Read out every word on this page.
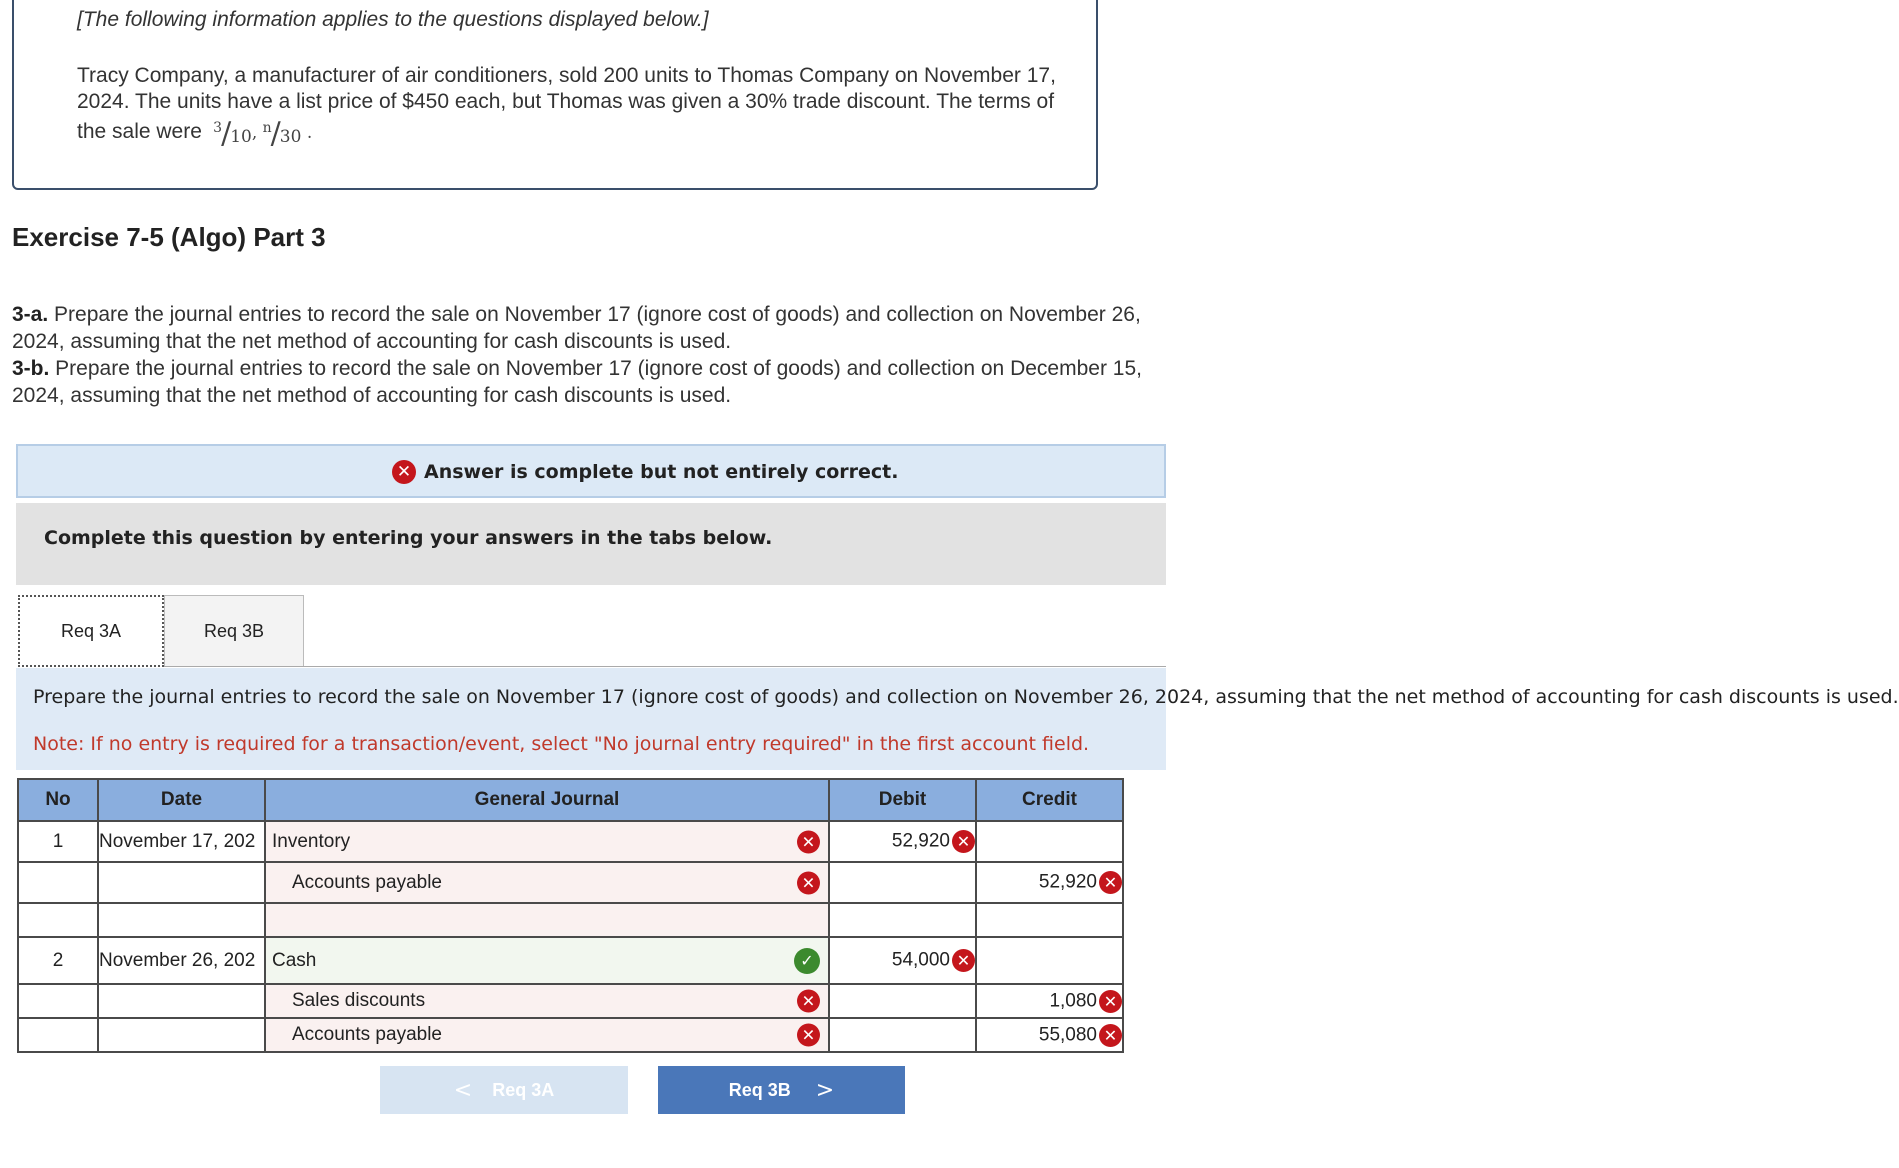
[The following information applies to the questions displayed below.]
Tracy Company, a manufacturer of air conditioners, sold 200 units to Thomas Company on November 17, 2024. The units have a list price of $450 each, but Thomas was given a 30% trade discount. The terms of the sale were $^3/_{10}$, $^n/_{30}$ .
Exercise 7-5 (Algo) Part 3
3-a. Prepare the journal entries to record the sale on November 17 (ignore cost of goods) and collection on November 26, 2024, assuming that the net method of accounting for cash discounts is used.
3-b. Prepare the journal entries to record the sale on November 17 (ignore cost of goods) and collection on December 15, 2024, assuming that the net method of accounting for cash discounts is used.
✕ Answer is complete but not entirely correct.
Complete this question by entering your answers in the tabs below.
Req 3A	Req 3B
Prepare the journal entries to record the sale on November 17 (ignore cost of goods) and collection on November 26, 2024, assuming that the net method of accounting for cash discounts is used.
Note: If no entry is required for a transaction/event, select "No journal entry required" in the first account field.
No	Date	General Journal	Debit	Credit
1	November 17, 202	Inventory ✕	52,920 ✕	

		Accounts payable ✕		52,920 ✕

2	November 26, 202	Cash ✓	54,000 ✕	

		Sales discounts ✕		1,080 ✕

		Accounts payable ✕		55,080 ✕
<
Req 3A	Req 3B
>
